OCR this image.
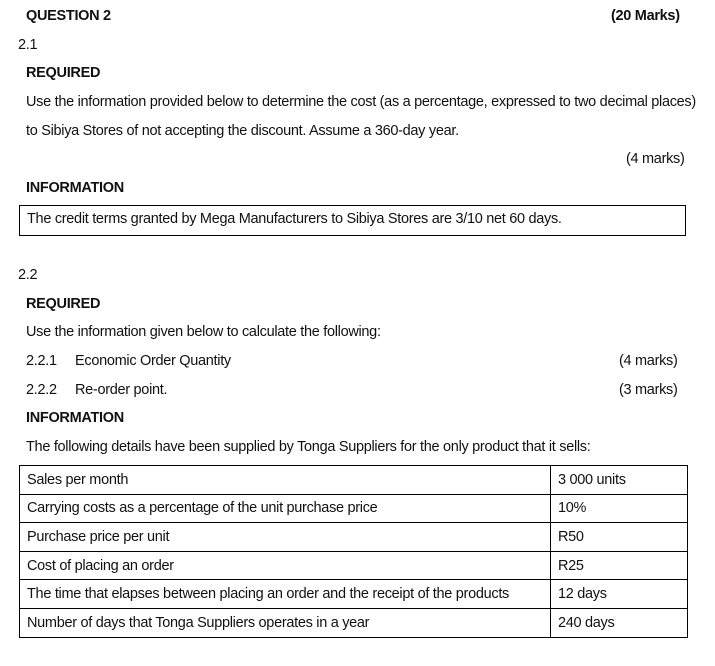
QUESTION 2	(20 Marks)
2.1
REQUIRED
Use the information provided below to determine the cost (as a percentage, expressed to two decimal places)
to Sibiya Stores of not accepting the discount. Assume a 360-day year.
(4 marks)
INFORMATION
The credit terms granted by Mega Manufacturers to Sibiya Stores are 3/10 net 60 days.
2.2
REQUIRED
Use the information given below to calculate the following:
2.2.1 Economic Order Quantity	(4 marks)
2.2.2 Re-order point.	(3 marks)
INFORMATION
The following details have been supplied by Tonga Suppliers for the only product that it sells:
Sales per month	3 000 units
Carrying costs as a percentage of the unit purchase price	10%
Purchase price per unit	R50
Cost of placing an order	R25
The time that elapses between placing an order and the receipt of the products	12 days
Number of days that Tonga Suppliers operates in a year	240 days
